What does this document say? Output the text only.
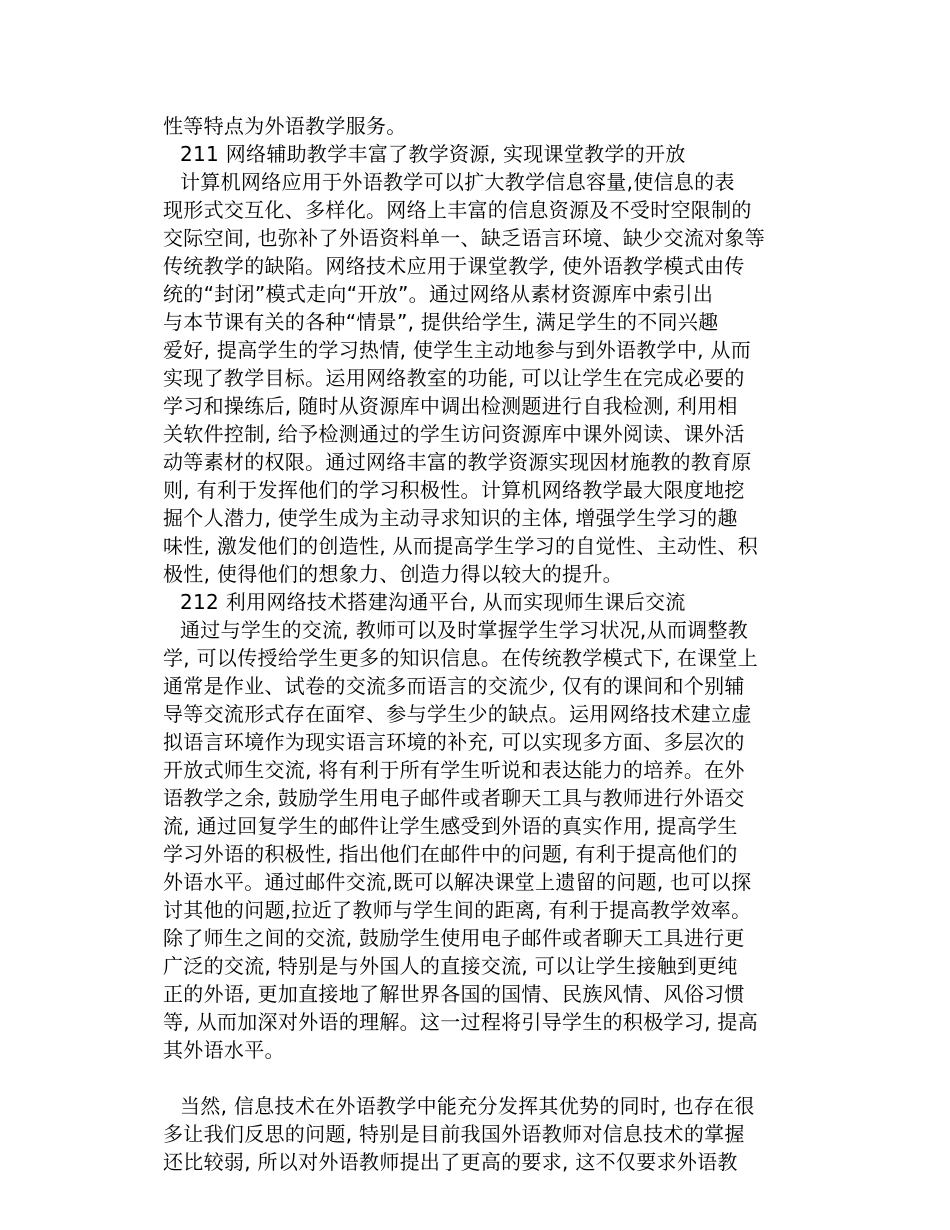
性等特点为外语教学服务。
211 网络辅助教学丰富了教学资源, 实现课堂教学的开放
计算机网络应用于外语教学可以扩大教学信息容量,使信息的表
现形式交互化、多样化。网络上丰富的信息资源及不受时空限制的
交际空间, 也弥补了外语资料单一、缺乏语言环境、缺少交流对象等
传统教学的缺陷。网络技术应用于课堂教学, 使外语教学模式由传
统的“封闭”模式走向“开放”。通过网络从素材资源库中索引出
与本节课有关的各种“情景”, 提供给学生, 满足学生的不同兴趣
爱好, 提高学生的学习热情, 使学生主动地参与到外语教学中, 从而
实现了教学目标。运用网络教室的功能, 可以让学生在完成必要的
学习和操练后, 随时从资源库中调出检测题进行自我检测, 利用相
关软件控制, 给予检测通过的学生访问资源库中课外阅读、课外活
动等素材的权限。通过网络丰富的教学资源实现因材施教的教育原
则, 有利于发挥他们的学习积极性。计算机网络教学最大限度地挖
掘个人潜力, 使学生成为主动寻求知识的主体, 增强学生学习的趣
味性, 激发他们的创造性, 从而提高学生学习的自觉性、主动性、积
极性, 使得他们的想象力、创造力得以较大的提升。
212 利用网络技术搭建沟通平台, 从而实现师生课后交流
通过与学生的交流, 教师可以及时掌握学生学习状况,从而调整教
学, 可以传授给学生更多的知识信息。在传统教学模式下, 在课堂上
通常是作业、试卷的交流多而语言的交流少, 仅有的课间和个别辅
导等交流形式存在面窄、参与学生少的缺点。运用网络技术建立虚
拟语言环境作为现实语言环境的补充, 可以实现多方面、多层次的
开放式师生交流, 将有利于所有学生听说和表达能力的培养。在外
语教学之余, 鼓励学生用电子邮件或者聊天工具与教师进行外语交
流, 通过回复学生的邮件让学生感受到外语的真实作用, 提高学生
学习外语的积极性, 指出他们在邮件中的问题, 有利于提高他们的
外语水平。通过邮件交流,既可以解决课堂上遗留的问题, 也可以探
讨其他的问题,拉近了教师与学生间的距离, 有利于提高教学效率。
除了师生之间的交流, 鼓励学生使用电子邮件或者聊天工具进行更
广泛的交流, 特别是与外国人的直接交流, 可以让学生接触到更纯
正的外语, 更加直接地了解世界各国的国情、民族风情、风俗习惯
等, 从而加深对外语的理解。这一过程将引导学生的积极学习, 提高
其外语水平。
当然, 信息技术在外语教学中能充分发挥其优势的同时, 也存在很
多让我们反思的问题, 特别是目前我国外语教师对信息技术的掌握
还比较弱, 所以对外语教师提出了更高的要求, 这不仅要求外语教
